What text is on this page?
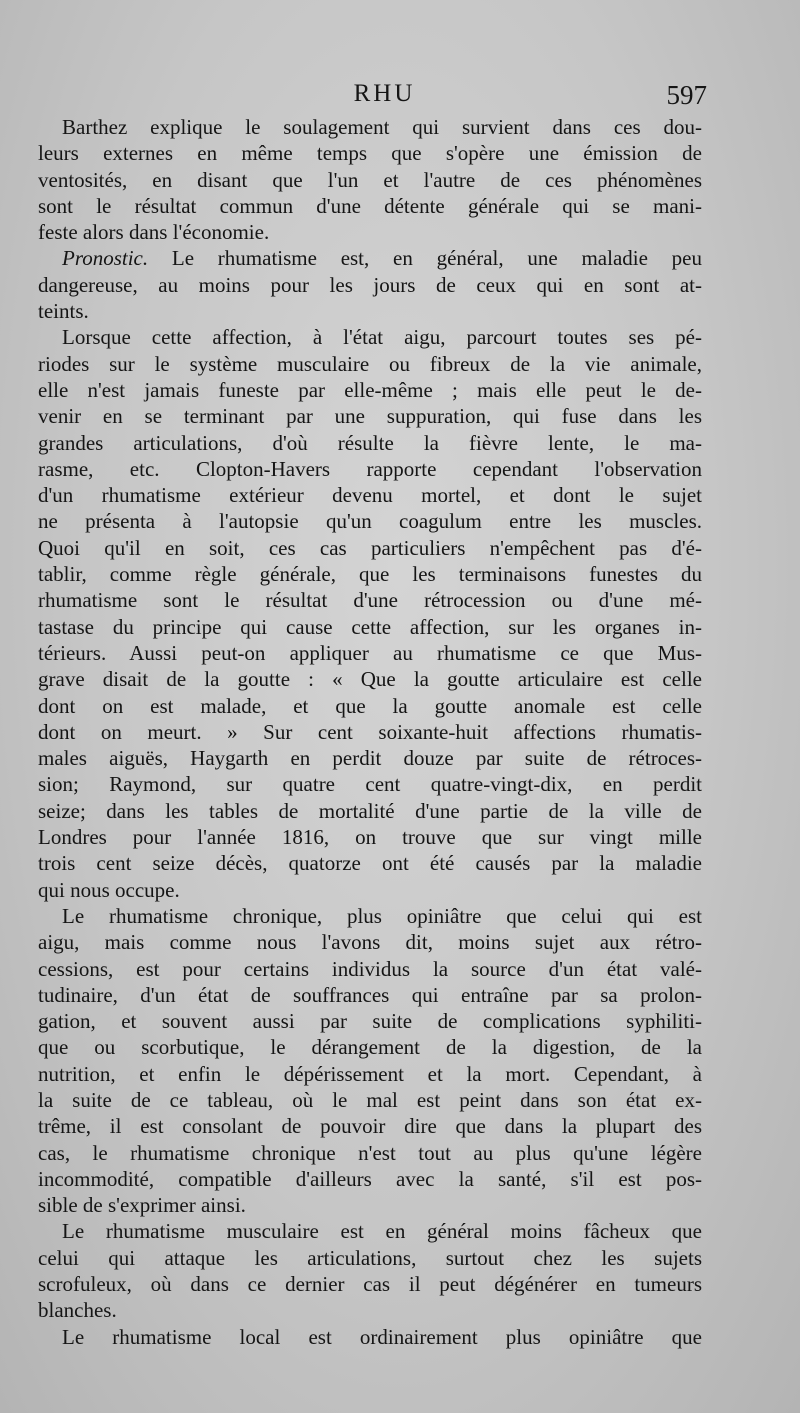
RHU	597
Barthez explique le soulagement qui survient dans ces dou-
leurs externes en même temps que s'opère une émission de
ventosités, en disant que l'un et l'autre de ces phénomènes
sont le résultat commun d'une détente générale qui se mani-
feste alors dans l'économie.
Pronostic. Le rhumatisme est, en général, une maladie peu
dangereuse, au moins pour les jours de ceux qui en sont at-
teints.
Lorsque cette affection, à l'état aigu, parcourt toutes ses pé-
riodes sur le système musculaire ou fibreux de la vie animale,
elle n'est jamais funeste par elle-même ; mais elle peut le de-
venir en se terminant par une suppuration, qui fuse dans les
grandes articulations, d'où résulte la fièvre lente, le ma-
rasme, etc. Clopton-Havers rapporte cependant l'observation
d'un rhumatisme extérieur devenu mortel, et dont le sujet
ne présenta à l'autopsie qu'un coagulum entre les muscles.
Quoi qu'il en soit, ces cas particuliers n'empêchent pas d'é-
tablir, comme règle générale, que les terminaisons funestes du
rhumatisme sont le résultat d'une rétrocession ou d'une mé-
tastase du principe qui cause cette affection, sur les organes in-
térieurs. Aussi peut-on appliquer au rhumatisme ce que Mus-
grave disait de la goutte : « Que la goutte articulaire est celle
dont on est malade, et que la goutte anomale est celle
dont on meurt. » Sur cent soixante-huit affections rhumatis-
males aiguës, Haygarth en perdit douze par suite de rétroces-
sion; Raymond, sur quatre cent quatre-vingt-dix, en perdit
seize; dans les tables de mortalité d'une partie de la ville de
Londres pour l'année 1816, on trouve que sur vingt mille
trois cent seize décès, quatorze ont été causés par la maladie
qui nous occupe.
Le rhumatisme chronique, plus opiniâtre que celui qui est
aigu, mais comme nous l'avons dit, moins sujet aux rétro-
cessions, est pour certains individus la source d'un état valé-
tudinaire, d'un état de souffrances qui entraîne par sa prolon-
gation, et souvent aussi par suite de complications syphiliti-
que ou scorbutique, le dérangement de la digestion, de la
nutrition, et enfin le dépérissement et la mort. Cependant, à
la suite de ce tableau, où le mal est peint dans son état ex-
trême, il est consolant de pouvoir dire que dans la plupart des
cas, le rhumatisme chronique n'est tout au plus qu'une légère
incommodité, compatible d'ailleurs avec la santé, s'il est pos-
sible de s'exprimer ainsi.
Le rhumatisme musculaire est en général moins fâcheux que
celui qui attaque les articulations, surtout chez les sujets
scrofuleux, où dans ce dernier cas il peut dégénérer en tumeurs
blanches.
Le rhumatisme local est ordinairement plus opiniâtre que
